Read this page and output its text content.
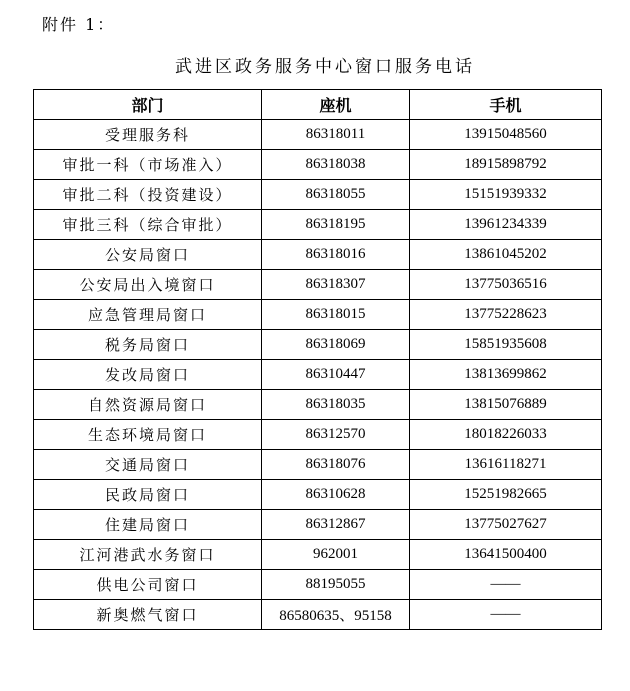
附件 1：
武进区政务服务中心窗口服务电话
部门	座机	手机
受理服务科	86318011	13915048560
审批一科（市场准入）	86318038	18915898792
审批二科（投资建设）	86318055	15151939332
审批三科（综合审批）	86318195	13961234339
公安局窗口	86318016	13861045202
公安局出入境窗口	86318307	13775036516
应急管理局窗口	86318015	13775228623
税务局窗口	86318069	15851935608
发改局窗口	86310447	13813699862
自然资源局窗口	86318035	13815076889
生态环境局窗口	86312570	18018226033
交通局窗口	86318076	13616118271
民政局窗口	86310628	15251982665
住建局窗口	86312867	13775027627
江河港武水务窗口	962001	13641500400
供电公司窗口	88195055	——
新奥燃气窗口	86580635、95158	——
